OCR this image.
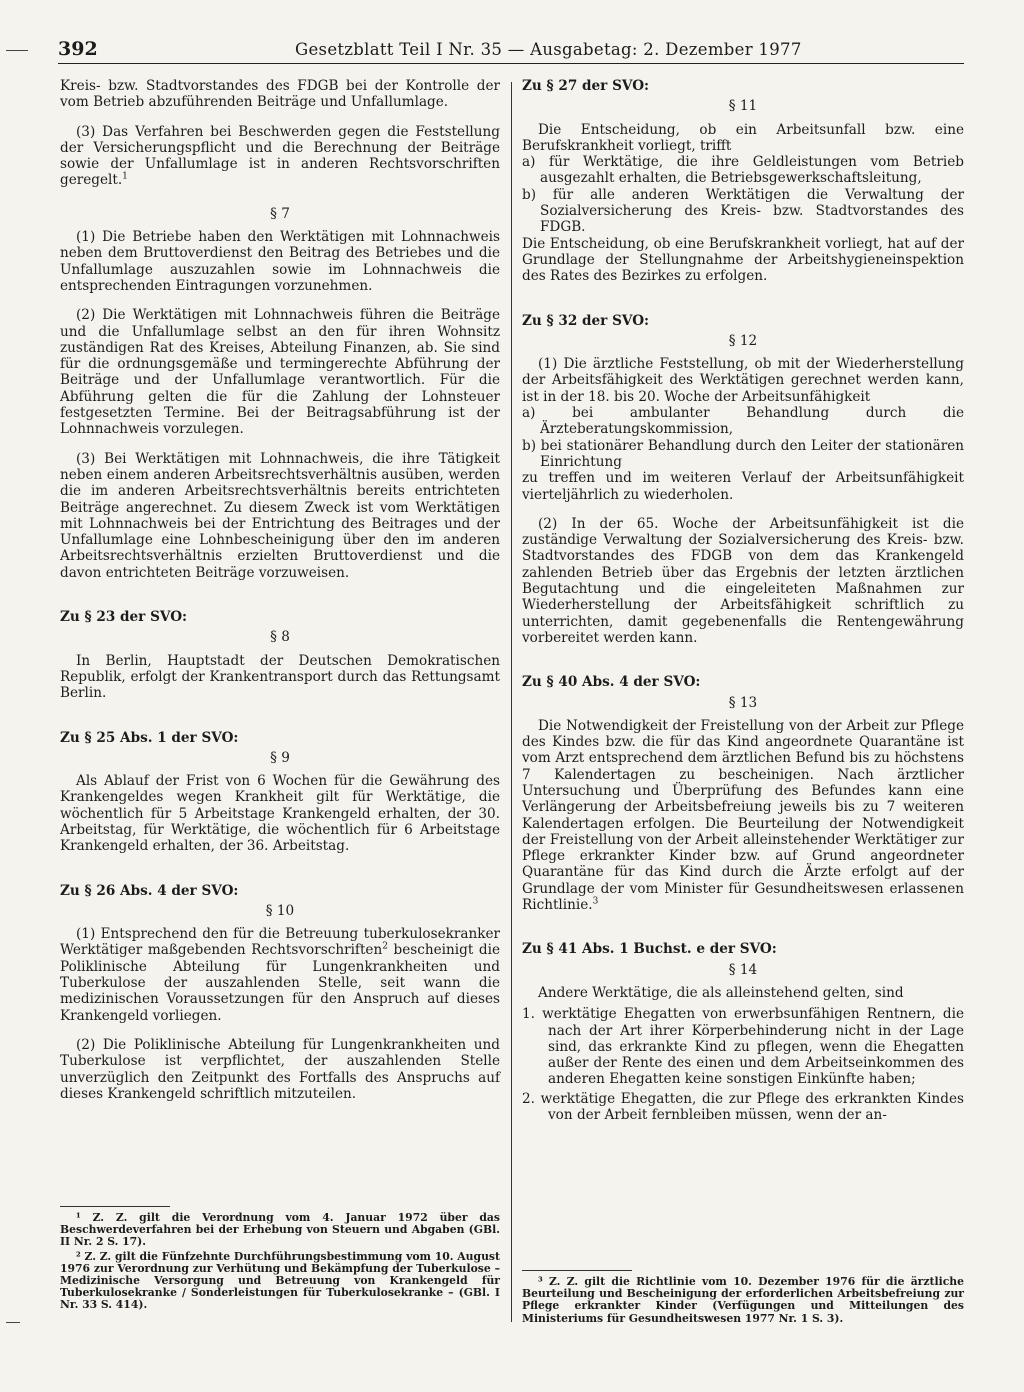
392	Gesetzblatt Teil I Nr. 35 — Ausgabetag: 2. Dezember 1977

Kreis- bzw. Stadtvorstandes des FDGB bei der Kontrolle der vom Betrieb abzuführenden Beiträge und Unfallumlage.

(3) Das Verfahren bei Beschwerden gegen die Feststellung der Versicherungspflicht und die Berechnung der Beiträge sowie der Unfallumlage ist in anderen Rechtsvorschriften geregelt.$^1$

§ 7

(1) Die Betriebe haben den Werktätigen mit Lohnnachweis neben dem Bruttoverdienst den Beitrag des Betriebes und die Unfallumlage auszuzahlen sowie im Lohnnachweis die entsprechenden Eintragungen vorzunehmen.

(2) Die Werktätigen mit Lohnnachweis führen die Beiträge und die Unfallumlage selbst an den für ihren Wohnsitz zuständigen Rat des Kreises, Abteilung Finanzen, ab. Sie sind für die ordnungsgemäße und termingerechte Abführung der Beiträge und der Unfallumlage verantwortlich. Für die Abführung gelten die für die Zahlung der Lohnsteuer festgesetzten Termine. Bei der Beitragsabführung ist der Lohnnachweis vorzulegen.

(3) Bei Werktätigen mit Lohnnachweis, die ihre Tätigkeit neben einem anderen Arbeitsrechtsverhältnis ausüben, werden die im anderen Arbeitsrechtsverhältnis bereits entrichteten Beiträge angerechnet. Zu diesem Zweck ist vom Werktätigen mit Lohnnachweis bei der Entrichtung des Beitrages und der Unfallumlage eine Lohnbescheinigung über den im anderen Arbeitsrechtsverhältnis erzielten Bruttoverdienst und die davon entrichteten Beiträge vorzuweisen.

Zu § 23 der SVO:

§ 8

In Berlin, Hauptstadt der Deutschen Demokratischen Republik, erfolgt der Krankentransport durch das Rettungsamt Berlin.

Zu § 25 Abs. 1 der SVO:

§ 9

Als Ablauf der Frist von 6 Wochen für die Gewährung des Krankengeldes wegen Krankheit gilt für Werktätige, die wöchentlich für 5 Arbeitstage Krankengeld erhalten, der 30. Arbeitstag, für Werktätige, die wöchentlich für 6 Arbeitstage Krankengeld erhalten, der 36. Arbeitstag.

Zu § 26 Abs. 4 der SVO:

§ 10

(1) Entsprechend den für die Betreuung tuberkulosekranker Werktätiger maßgebenden Rechtsvorschriften$^2$ bescheinigt die Poliklinische Abteilung für Lungenkrankheiten und Tuberkulose der auszahlenden Stelle, seit wann die medizinischen Voraussetzungen für den Anspruch auf dieses Krankengeld vorliegen.

(2) Die Poliklinische Abteilung für Lungenkrankheiten und Tuberkulose ist verpflichtet, der auszahlenden Stelle unverzüglich den Zeitpunkt des Fortfalls des Anspruchs auf dieses Krankengeld schriftlich mitzuteilen.

¹ Z. Z. gilt die Verordnung vom 4. Januar 1972 über das Beschwerdeverfahren bei der Erhebung von Steuern und Abgaben (GBl. II Nr. 2 S. 17).

² Z. Z. gilt die Fünfzehnte Durchführungsbestimmung vom 10. August 1976 zur Verordnung zur Verhütung und Bekämpfung der Tuberkulose – Medizinische Versorgung und Betreuung von Krankengeld für Tuberkulosekranke / Sonderleistungen für Tuberkulosekranke – (GBl. I Nr. 33 S. 414).

Zu § 27 der SVO:

§ 11

Die Entscheidung, ob ein Arbeitsunfall bzw. eine Berufskrankheit vorliegt, trifft

a) für Werktätige, die ihre Geldleistungen vom Betrieb ausgezahlt erhalten, die Betriebsgewerkschaftsleitung,

b) für alle anderen Werktätigen die Verwaltung der Sozialversicherung des Kreis- bzw. Stadtvorstandes des FDGB.

Die Entscheidung, ob eine Berufskrankheit vorliegt, hat auf der Grundlage der Stellungnahme der Arbeitshygieneinspektion des Rates des Bezirkes zu erfolgen.

Zu § 32 der SVO:

§ 12

(1) Die ärztliche Feststellung, ob mit der Wiederherstellung der Arbeitsfähigkeit des Werktätigen gerechnet werden kann, ist in der 18. bis 20. Woche der Arbeitsunfähigkeit

a) bei ambulanter Behandlung durch die Ärzteberatungskommission,

b) bei stationärer Behandlung durch den Leiter der stationären Einrichtung

zu treffen und im weiteren Verlauf der Arbeitsunfähigkeit vierteljährlich zu wiederholen.

(2) In der 65. Woche der Arbeitsunfähigkeit ist die zuständige Verwaltung der Sozialversicherung des Kreis- bzw. Stadtvorstandes des FDGB von dem das Krankengeld zahlenden Betrieb über das Ergebnis der letzten ärztlichen Begutachtung und die eingeleiteten Maßnahmen zur Wiederherstellung der Arbeitsfähigkeit schriftlich zu unterrichten, damit gegebenenfalls die Rentengewährung vorbereitet werden kann.

Zu § 40 Abs. 4 der SVO:

§ 13

Die Notwendigkeit der Freistellung von der Arbeit zur Pflege des Kindes bzw. die für das Kind angeordnete Quarantäne ist vom Arzt entsprechend dem ärztlichen Befund bis zu höchstens 7 Kalendertagen zu bescheinigen. Nach ärztlicher Untersuchung und Überprüfung des Befundes kann eine Verlängerung der Arbeitsbefreiung jeweils bis zu 7 weiteren Kalendertagen erfolgen. Die Beurteilung der Notwendigkeit der Freistellung von der Arbeit alleinstehender Werktätiger zur Pflege erkrankter Kinder bzw. auf Grund angeordneter Quarantäne für das Kind durch die Ärzte erfolgt auf der Grundlage der vom Minister für Gesundheitswesen erlassenen Richtlinie.$^3$

Zu § 41 Abs. 1 Buchst. e der SVO:

§ 14

Andere Werktätige, die als alleinstehend gelten, sind

1. werktätige Ehegatten von erwerbsunfähigen Rentnern, die nach der Art ihrer Körperbehinderung nicht in der Lage sind, das erkrankte Kind zu pflegen, wenn die Ehegatten außer der Rente des einen und dem Arbeitseinkommen des anderen Ehegatten keine sonstigen Einkünfte haben;

2. werktätige Ehegatten, die zur Pflege des erkrankten Kindes von der Arbeit fernbleiben müssen, wenn der an-

³ Z. Z. gilt die Richtlinie vom 10. Dezember 1976 für die ärztliche Beurteilung und Bescheinigung der erforderlichen Arbeitsbefreiung zur Pflege erkrankter Kinder (Verfügungen und Mitteilungen des Ministeriums für Gesundheitswesen 1977 Nr. 1 S. 3).
